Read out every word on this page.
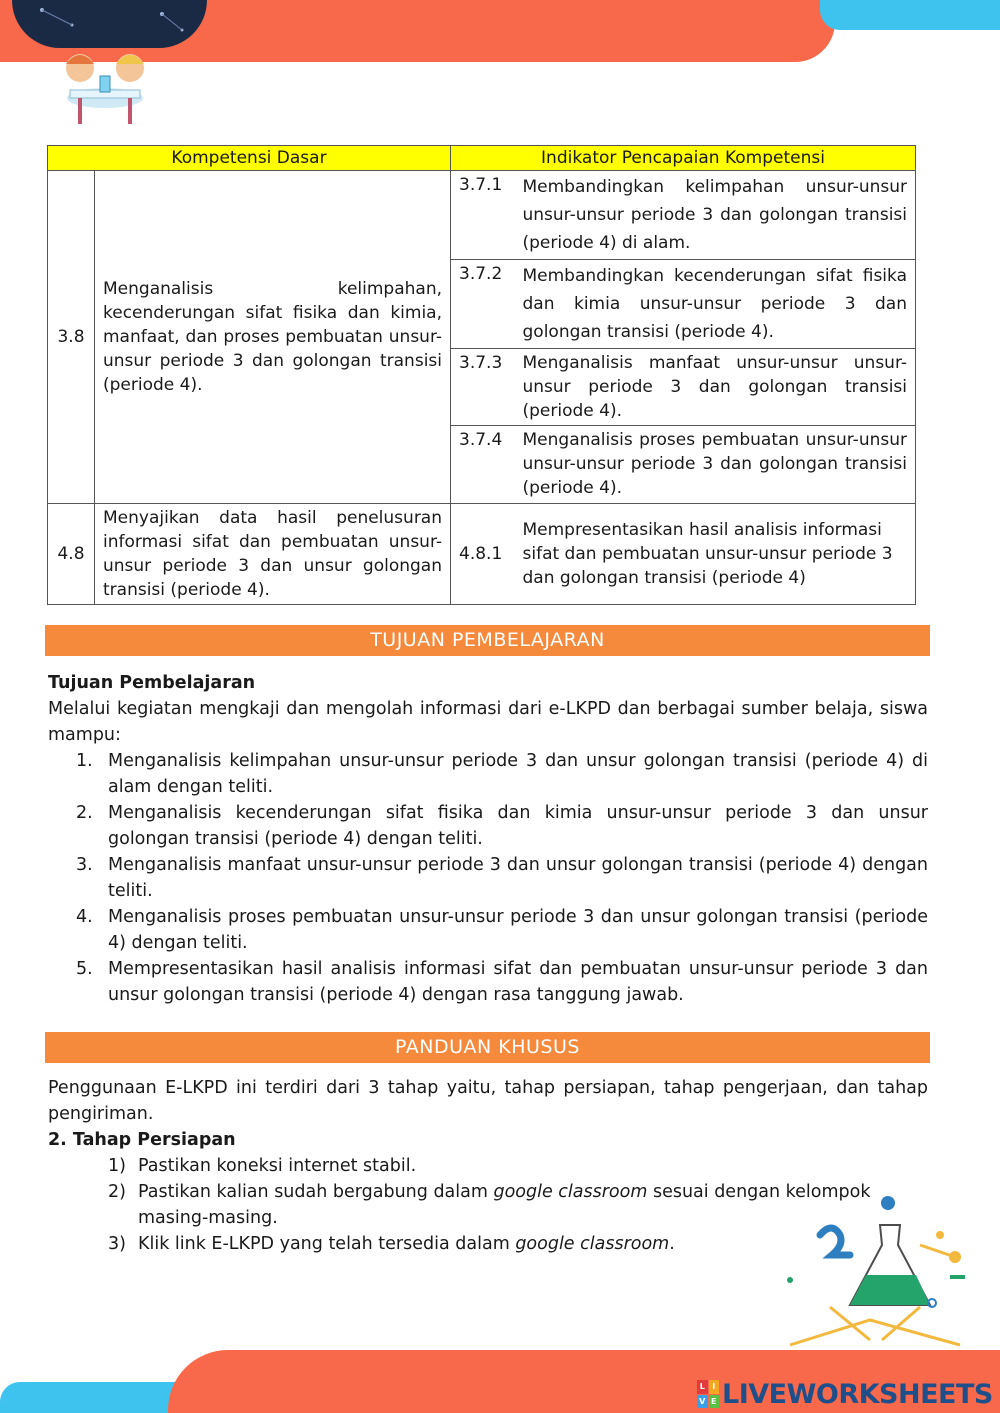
Kompetensi Dasar		Indikator Pencapaian Kompetensi	
3.8	Menganalisis kelimpahan, kecenderungan sifat fisika dan kimia, manfaat, dan proses pembuatan unsur-unsur periode 3 dan golongan transisi (periode 4).	3.7.1	Membandingkan kelimpahan unsur-unsur unsur-unsur periode 3 dan golongan transisi (periode 4) di alam.
		3.7.2	Membandingkan kecenderungan sifat fisika dan kimia unsur-unsur periode 3 dan golongan transisi (periode 4).
		3.7.3	Menganalisis manfaat unsur-unsur unsur-unsur periode 3 dan golongan transisi (periode 4).
		3.7.4	Menganalisis proses pembuatan unsur-unsur unsur-unsur periode 3 dan golongan transisi (periode 4).
4.8	Menyajikan data hasil penelusuran informasi sifat dan pembuatan unsur-unsur periode 3 dan unsur golongan transisi (periode 4).	4.8.1	Mempresentasikan hasil analisis informasi sifat dan pembuatan unsur-unsur periode 3 dan golongan transisi (periode 4)
TUJUAN PEMBELAJARAN
Tujuan Pembelajaran
Melalui kegiatan mengkaji dan mengolah informasi dari e-LKPD dan berbagai sumber belaja, siswa mampu:
1. Menganalisis kelimpahan unsur-unsur periode 3 dan unsur golongan transisi (periode 4) di alam dengan teliti.
2. Menganalisis kecenderungan sifat fisika dan kimia unsur-unsur periode 3 dan unsur golongan transisi (periode 4) dengan teliti.
3. Menganalisis manfaat unsur-unsur periode 3 dan unsur golongan transisi (periode 4) dengan teliti.
4. Menganalisis proses pembuatan unsur-unsur periode 3 dan unsur golongan transisi (periode 4) dengan teliti.
5. Mempresentasikan hasil analisis informasi sifat dan pembuatan unsur-unsur periode 3 dan unsur golongan transisi (periode 4) dengan rasa tanggung jawab.
PANDUAN KHUSUS
Penggunaan E-LKPD ini terdiri dari 3 tahap yaitu, tahap persiapan, tahap pengerjaan, dan tahap pengiriman.
2. Tahap Persiapan
1) Pastikan koneksi internet stabil.
2) Pastikan kalian sudah bergabung dalam google classroom sesuai dengan kelompok masing-masing.
3) Klik link E-LKPD yang telah tersedia dalam google classroom.
L I
V E LIVEWORKSHEETS
